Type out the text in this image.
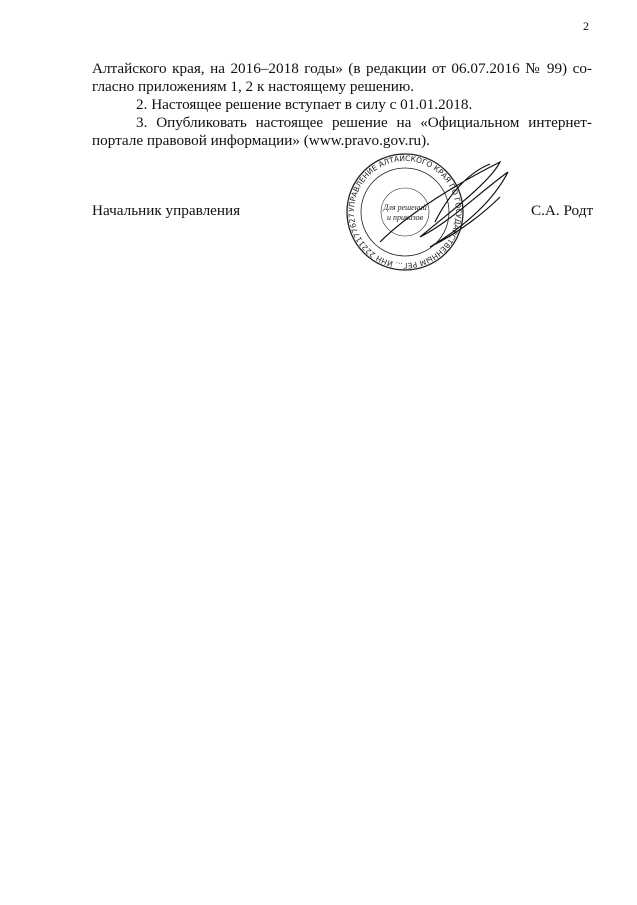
2
Алтайского края, на 2016–2018 годы» (в редакции от 06.07.2016 № 99) со-
гласно приложениям 1, 2 к настоящему решению.
2. Настоящее решение вступает в силу с 01.01.2018.
3. Опубликовать настоящее решение на «Официальном интернет-
портале правовой информации» (www.pravo.gov.ru).
Начальник управления	С.А. Родт
УПРАВЛЕНИЕ АЛТАЙСКОГО КРАЯ ПО ГОСУДАРСТВЕННЫМ РЕГ... ИНН 2221177627
Для решений
и приказов
